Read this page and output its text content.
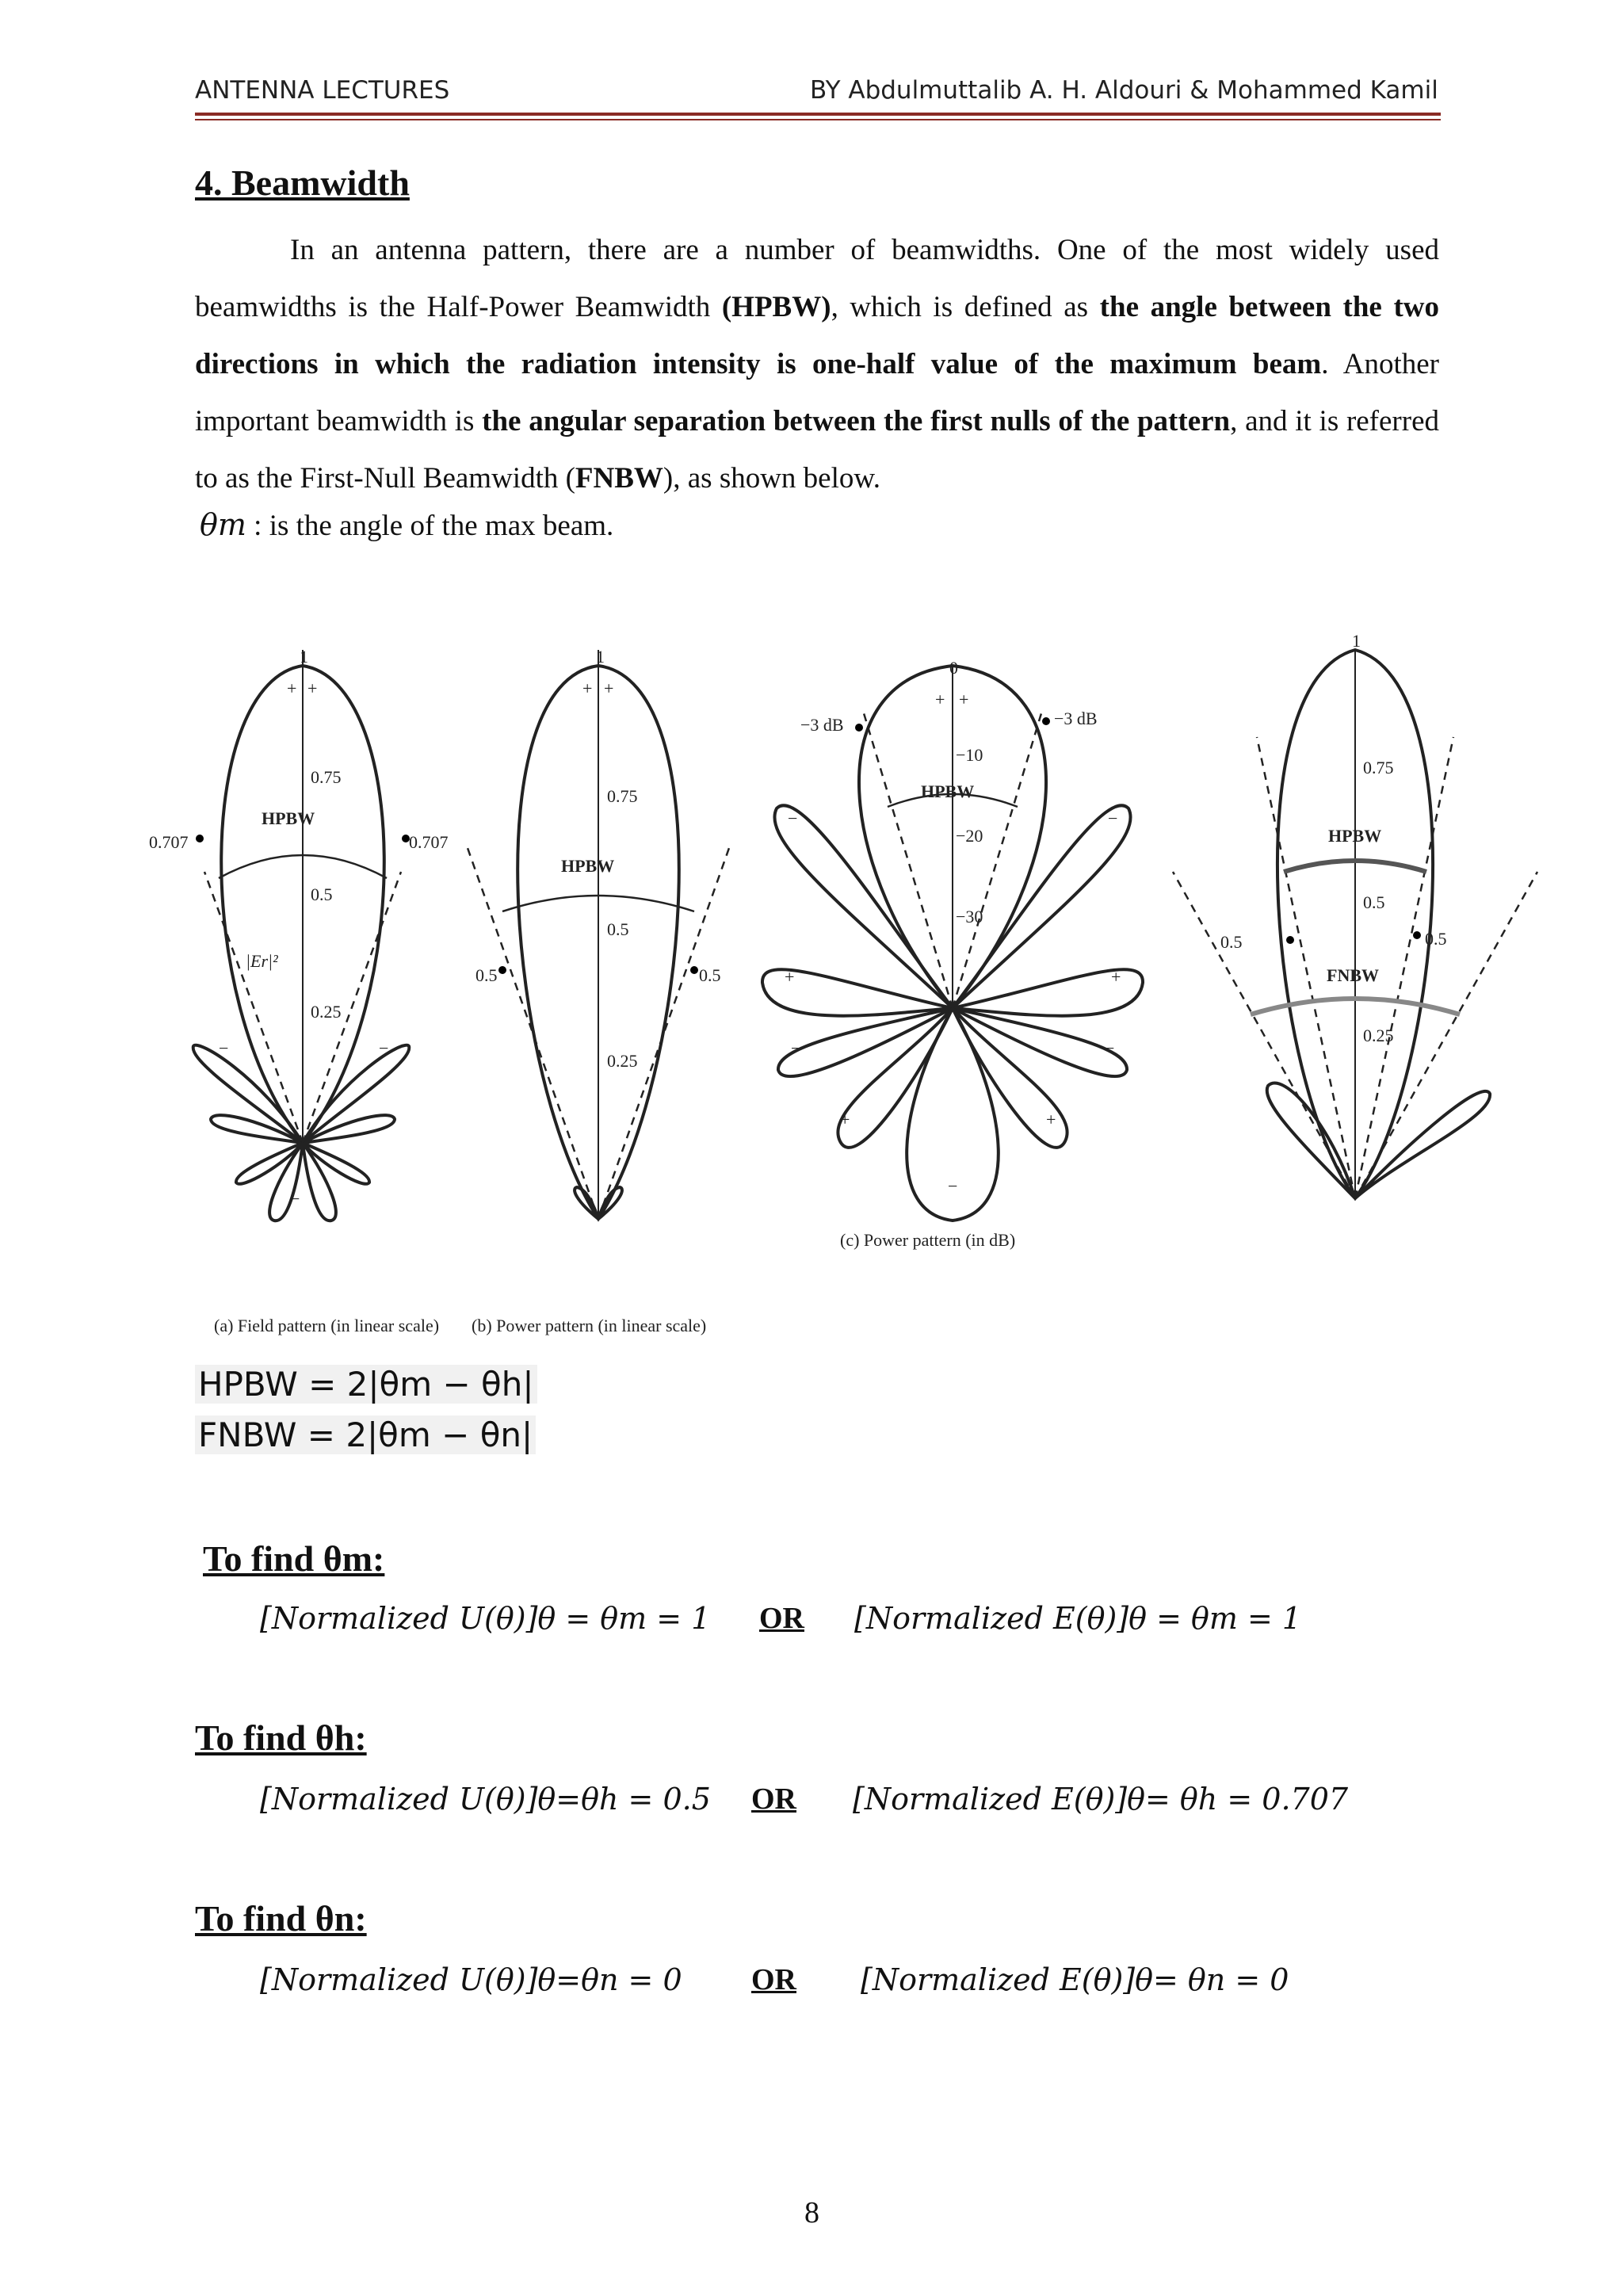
ANTENNA LECTURES	BY Abdulmuttalib A. H. Aldouri & Mohammed Kamil
4. Beamwidth

In an antenna pattern, there are a number of beamwidths. One of the most widely used beamwidths is the Half-Power Beamwidth (HPBW), which is defined as the angle between the two directions in which the radiation intensity is one-half value of the maximum beam. Another important beamwidth is the angular separation between the first nulls of the pattern, and it is referred to as the First-Null Beamwidth (FNBW), as shown below.

θm : is the angle of the max beam.
1
0.75
0.5
0.25
HPBW
0.707	0.707
|Er|²
(a) Field pattern (in linear scale)
1
0.75
0.5
0.25
HPBW
0.5	0.5
(b) Power pattern (in linear scale)
0
−10
−20
−30
HPBW
−3 dB	−3 dB
(c) Power pattern (in dB)
1
0.75
0.5
0.25
HPBW
FNBW
0.5	0.5
+ +
−	−
−
+ +
+ +
−	−
+	+
−	−
+	+
−
HPBW = 2|θm − θh|
FNBW = 2|θm − θn|
To find θm:
[Normalized U(θ)]θ = θm = 1 OR [Normalized E(θ)]θ = θm = 1
To find θh:
[Normalized U(θ)]θ=θh = 0.5 OR [Normalized E(θ)]θ= θh = 0.707
To find θn:
[Normalized U(θ)]θ=θn = 0 OR [Normalized E(θ)]θ= θn = 0
8
